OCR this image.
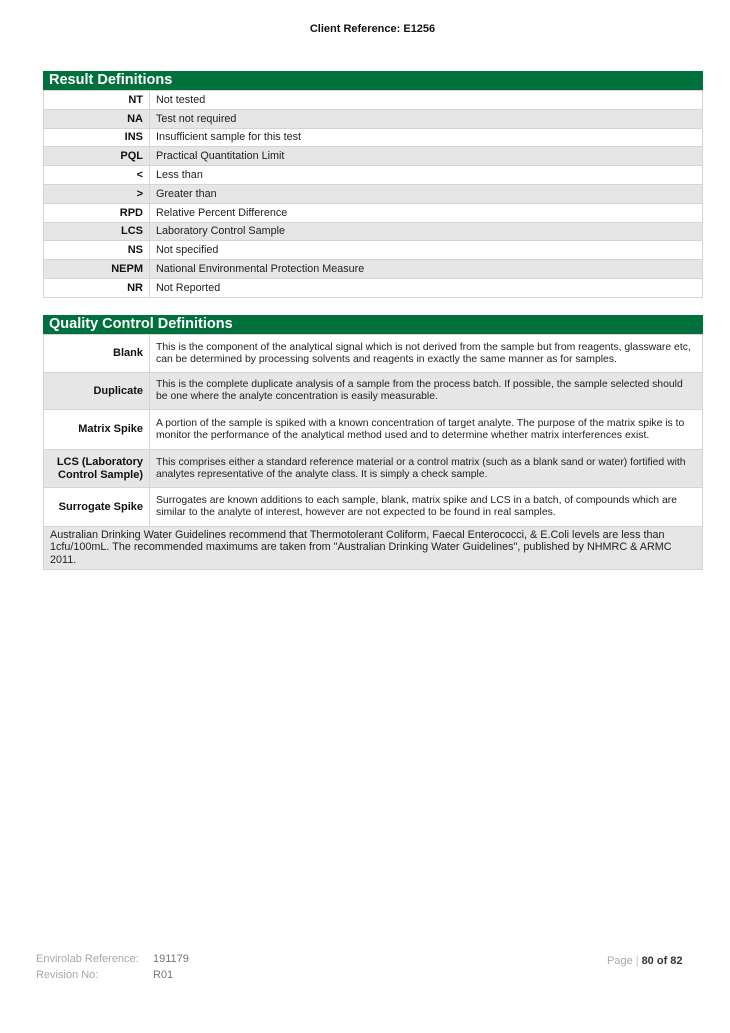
Client Reference: E1256
Result Definitions
NT	Not tested
NA	Test not required
INS	Insufficient sample for this test
PQL	Practical Quantitation Limit
<	Less than
>	Greater than
RPD	Relative Percent Difference
LCS	Laboratory Control Sample
NS	Not specified
NEPM	National Environmental Protection Measure
NR	Not Reported
Quality Control Definitions
Blank	This is the component of the analytical signal which is not derived from the sample but from reagents, glassware etc, can be determined by processing solvents and reagents in exactly the same manner as for samples.
Duplicate	This is the complete duplicate analysis of a sample from the process batch. If possible, the sample selected should be one where the analyte concentration is easily measurable.
Matrix Spike	A portion of the sample is spiked with a known concentration of target analyte. The purpose of the matrix spike is to monitor the performance of the analytical method used and to determine whether matrix interferences exist.
LCS (Laboratory Control Sample)	This comprises either a standard reference material or a control matrix (such as a blank sand or water) fortified with analytes representative of the analyte class. It is simply a check sample.
Surrogate Spike	Surrogates are known additions to each sample, blank, matrix spike and LCS in a batch, of compounds which are similar to the analyte of interest, however are not expected to be found in real samples.
Australian Drinking Water Guidelines recommend that Thermotolerant Coliform, Faecal Enterococci, & E.Coli levels are less than 1cfu/100mL. The recommended maximums are taken from "Australian Drinking Water Guidelines", published by NHMRC & ARMC 2011.
Envirolab Reference: 191179
Revision No:	R01
Page | 80 of 82
